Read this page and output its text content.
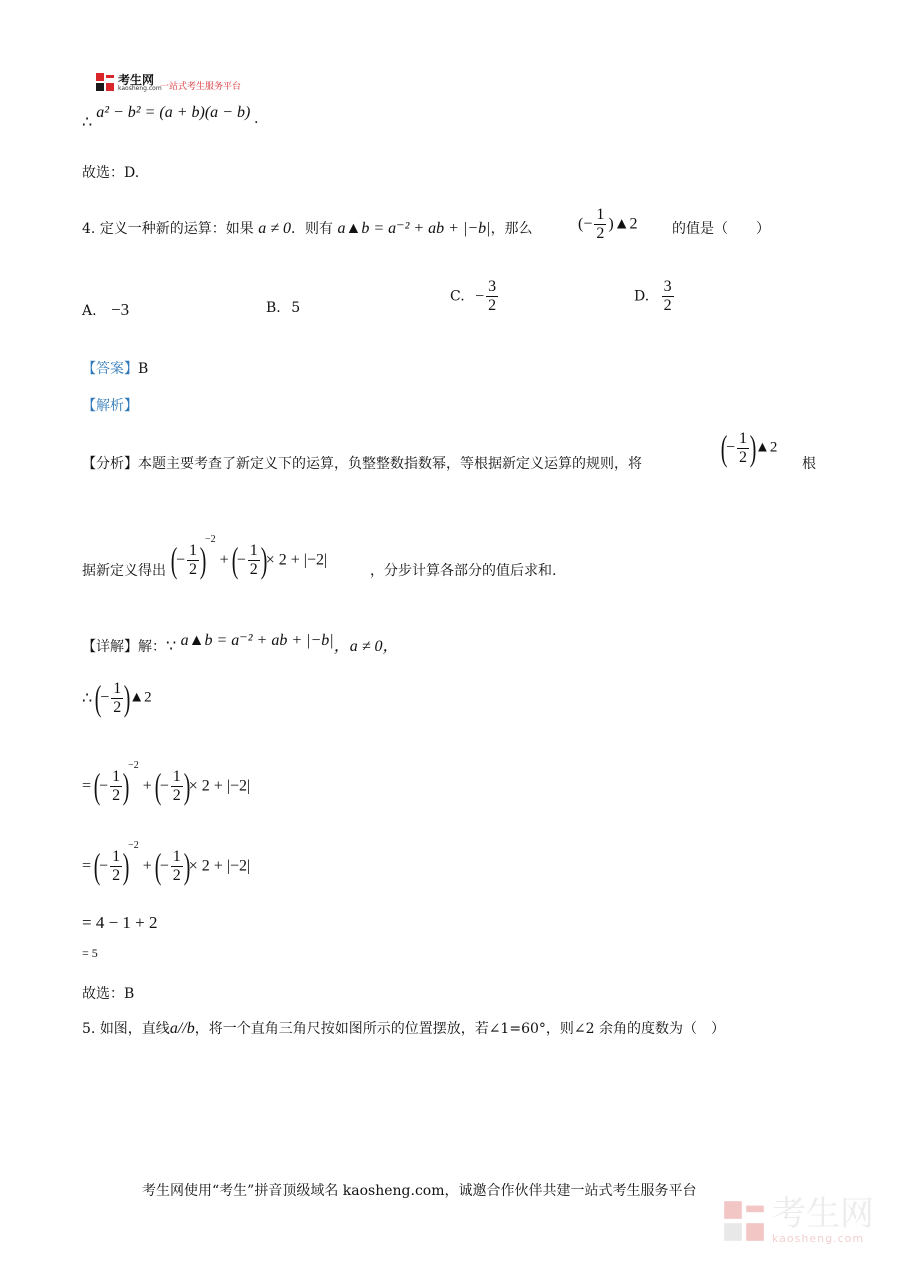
考生网
kaosheng.com
一站式考生服务平台
∴ a² − b² = (a + b)(a − b) .
故选：D.
4. 定义一种新的运算：如果 a ≠ 0．则有 a▲b = a⁻² + ab + |−b|，那么	(− $\frac{1}{2}$ )▲2 的值是（　　）
A. −3	B. 5
C. − $\frac{3}{2}$	D. $\frac{3}{2}$
【答案】B
【解析】
【分析】本题主要考查了新定义下的运算，负整整数指数幂，等根据新定义运算的规则，将 (− $\frac{1}{2}$ )▲2
根
据新定义得出 (− $\frac{1}{2} )^{-2}$ + (− $\frac{1}{2}$ )× 2 + |−2|
，分步计算各部分的值后求和.
【详解】解：∵ a▲b = a⁻² + ab + |−b|，a ≠ 0，
∴ (− $\frac{1}{2}$ )▲2
= (− $\frac{1}{2} )^{-2}$ + (− $\frac{1}{2}$ )× 2 + |−2|
= (− $\frac{1}{2} )^{-2}$ + (− $\frac{1}{2}$ )× 2 + |−2|
= 4 − 1 + 2
= 5
故选：B
5. 如图，直线a//b，将一个直角三角尺按如图所示的位置摆放，若∠1=60°，则∠2 余角的度数为（　）
考生网使用“考生”拼音顶级域名 kaosheng.com，诚邀合作伙伴共建一站式考生服务平台
考生网
kaosheng.com
